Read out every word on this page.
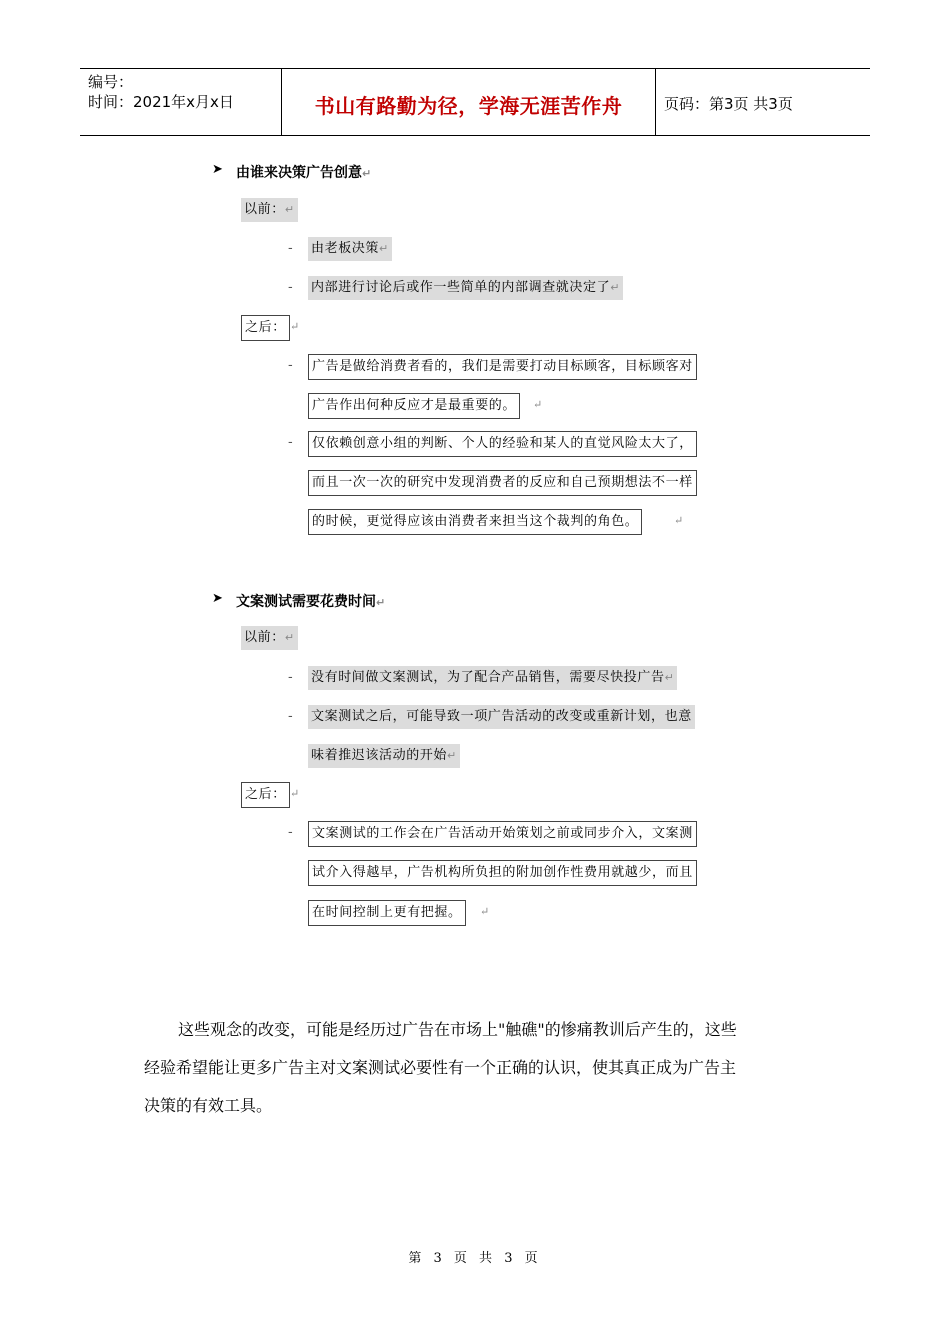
编号：
时间：2021年x月x日	书山有路勤为径，学海无涯苦作舟	页码：第3页 共3页
➤ 由谁来决策广告创意↵
以前：↵
- 由老板决策↵
- 内部进行讨论后或作一些简单的内部调查就决定了↵
之后： ↵
-	广告是做给消费者看的，我们是需要打动目标顾客，目标顾客对
广告作出何种反应才是最重要的。	↵
-	仅依赖创意小组的判断、个人的经验和某人的直觉风险太大了，
而且一次一次的研究中发现消费者的反应和自己预期想法不一样
的时候，更觉得应该由消费者来担当这个裁判的角色。	↵
➤ 文案测试需要花费时间↵
以前：↵
- 没有时间做文案测试，为了配合产品销售，需要尽快投广告↵
- 文案测试之后，可能导致一项广告活动的改变或重新计划，也意
味着推迟该活动的开始↵
之后： ↵
-	文案测试的工作会在广告活动开始策划之前或同步介入，文案测
试介入得越早，广告机构所负担的附加创作性费用就越少，而且
在时间控制上更有把握。	↵
这些观念的改变，可能是经历过广告在市场上"触礁"的惨痛教训后产生的，这些
经验希望能让更多广告主对文案测试必要性有一个正确的认识，使其真正成为广告主
决策的有效工具。
第 3 页 共 3 页
